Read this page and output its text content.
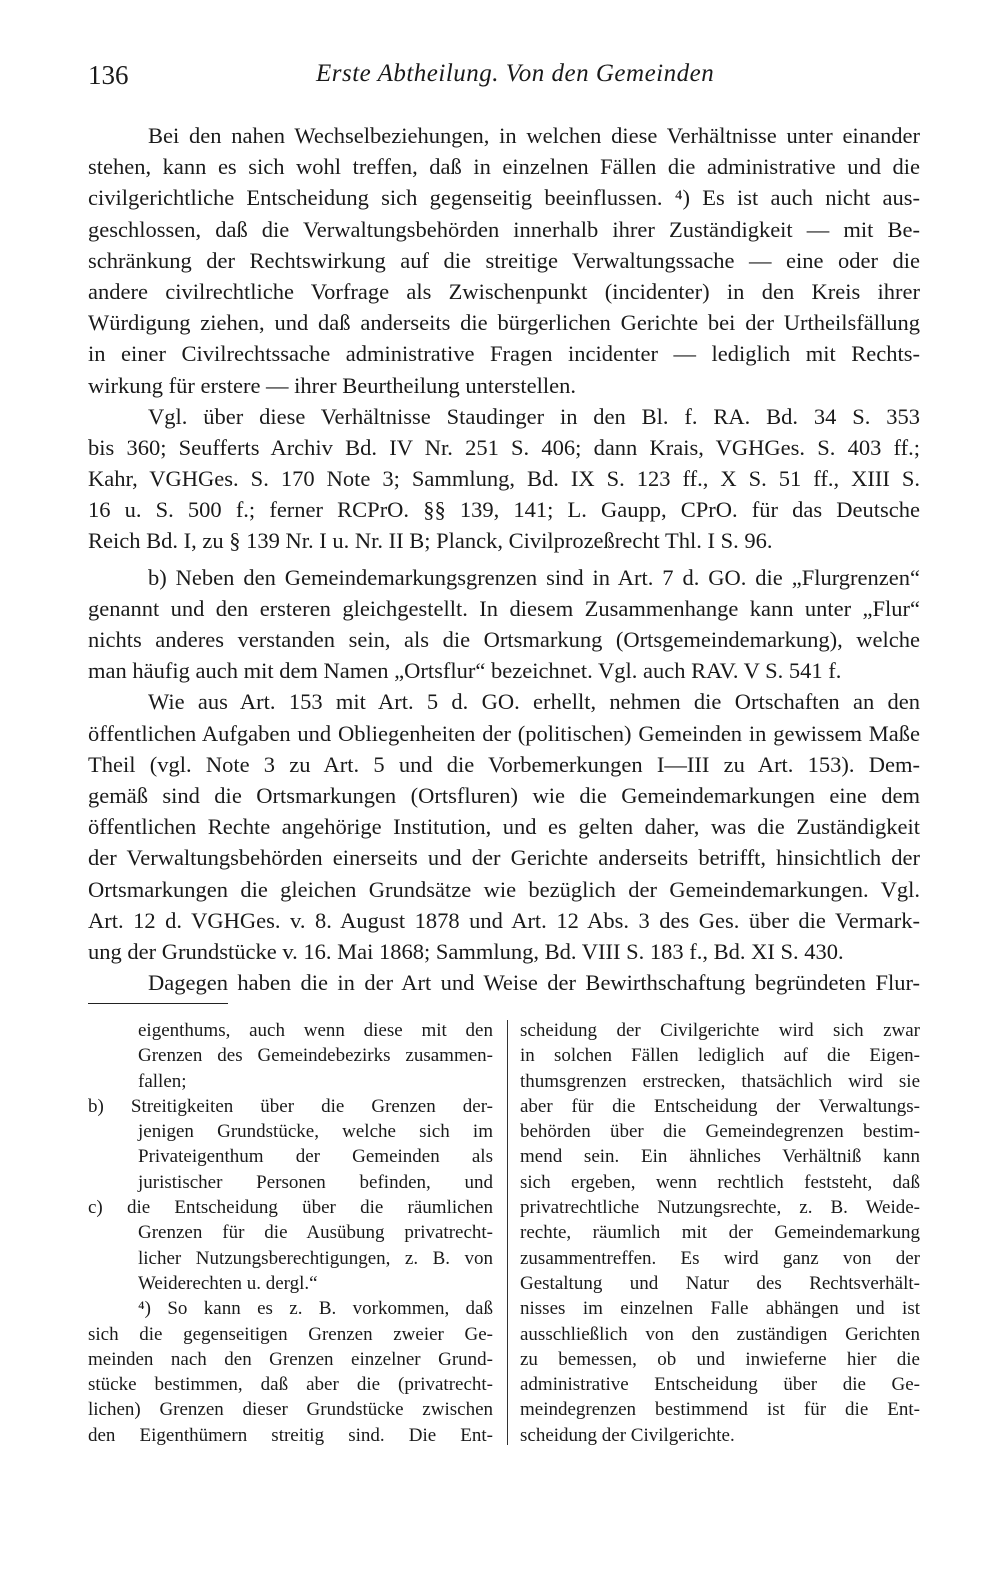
136	Erste Abtheilung. Von den Gemeinden
Bei den nahen Wechselbeziehungen, in welchen diese Verhältnisse unter einander
stehen, kann es sich wohl treffen, daß in einzelnen Fällen die administrative und die
civilgerichtliche Entscheidung sich gegenseitig beeinflussen. ⁴) Es ist auch nicht aus-
geschlossen, daß die Verwaltungsbehörden innerhalb ihrer Zuständigkeit — mit Be-
schränkung der Rechtswirkung auf die streitige Verwaltungssache — eine oder die
andere civilrechtliche Vorfrage als Zwischenpunkt (incidenter) in den Kreis ihrer
Würdigung ziehen, und daß anderseits die bürgerlichen Gerichte bei der Urtheilsfällung
in einer Civilrechtssache administrative Fragen incidenter — lediglich mit Rechts-
wirkung für erstere — ihrer Beurtheilung unterstellen.
Vgl. über diese Verhältnisse Staudinger in den Bl. f. RA. Bd. 34 S. 353
bis 360; Seufferts Archiv Bd. IV Nr. 251 S. 406; dann Krais, VGHGes. S. 403 ff.;
Kahr, VGHGes. S. 170 Note 3; Sammlung, Bd. IX S. 123 ff., X S. 51 ff., XIII S.
16 u. S. 500 f.; ferner RCPrO. §§ 139, 141; L. Gaupp, CPrO. für das Deutsche
Reich Bd. I, zu § 139 Nr. I u. Nr. II B; Planck, Civilprozeßrecht Thl. I S. 96.
b) Neben den Gemeindemarkungsgrenzen sind in Art. 7 d. GO. die „Flurgrenzen“
genannt und den ersteren gleichgestellt. In diesem Zusammenhange kann unter „Flur“
nichts anderes verstanden sein, als die Ortsmarkung (Ortsgemeindemarkung), welche
man häufig auch mit dem Namen „Ortsflur“ bezeichnet. Vgl. auch RAV. V S. 541 f.
Wie aus Art. 153 mit Art. 5 d. GO. erhellt, nehmen die Ortschaften an den
öffentlichen Aufgaben und Obliegenheiten der (politischen) Gemeinden in gewissem Maße
Theil (vgl. Note 3 zu Art. 5 und die Vorbemerkungen I—III zu Art. 153). Dem-
gemäß sind die Ortsmarkungen (Ortsfluren) wie die Gemeindemarkungen eine dem
öffentlichen Rechte angehörige Institution, und es gelten daher, was die Zuständigkeit
der Verwaltungsbehörden einerseits und der Gerichte anderseits betrifft, hinsichtlich der
Ortsmarkungen die gleichen Grundsätze wie bezüglich der Gemeindemarkungen. Vgl.
Art. 12 d. VGHGes. v. 8. August 1878 und Art. 12 Abs. 3 des Ges. über die Vermark-
ung der Grundstücke v. 16. Mai 1868; Sammlung, Bd. VIII S. 183 f., Bd. XI S. 430.
Dagegen haben die in der Art und Weise der Bewirthschaftung begründeten Flur-
eigenthums, auch wenn diese mit den
Grenzen des Gemeindebezirks zusammen-
fallen;
b) Streitigkeiten über die Grenzen der-
jenigen Grundstücke, welche sich im
Privateigenthum der Gemeinden als
juristischer Personen befinden, und
c) die Entscheidung über die räumlichen
Grenzen für die Ausübung privatrecht-
licher Nutzungsberechtigungen, z. B. von
Weiderechten u. dergl.“
⁴) So kann es z. B. vorkommen, daß
sich die gegenseitigen Grenzen zweier Ge-
meinden nach den Grenzen einzelner Grund-
stücke bestimmen, daß aber die (privatrecht-
lichen) Grenzen dieser Grundstücke zwischen
den Eigenthümern streitig sind. Die Ent-
scheidung der Civilgerichte wird sich zwar
in solchen Fällen lediglich auf die Eigen-
thumsgrenzen erstrecken, thatsächlich wird sie
aber für die Entscheidung der Verwaltungs-
behörden über die Gemeindegrenzen bestim-
mend sein. Ein ähnliches Verhältniß kann
sich ergeben, wenn rechtlich feststeht, daß
privatrechtliche Nutzungsrechte, z. B. Weide-
rechte, räumlich mit der Gemeindemarkung
zusammentreffen. Es wird ganz von der
Gestaltung und Natur des Rechtsverhält-
nisses im einzelnen Falle abhängen und ist
ausschließlich von den zuständigen Gerichten
zu bemessen, ob und inwieferne hier die
administrative Entscheidung über die Ge-
meindegrenzen bestimmend ist für die Ent-
scheidung der Civilgerichte.
